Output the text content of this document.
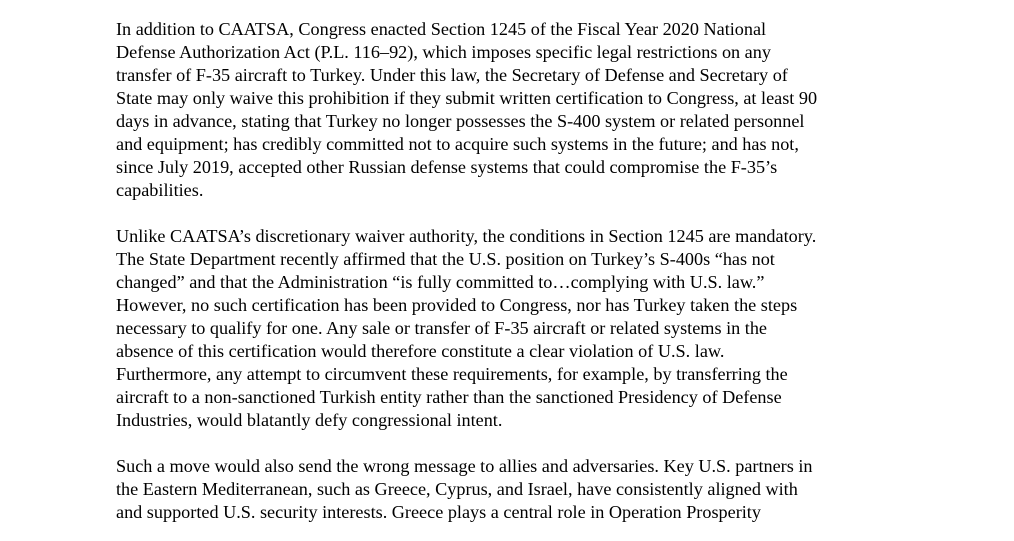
In addition to CAATSA, Congress enacted Section 1245 of the Fiscal Year 2020 National
Defense Authorization Act (P.L. 116–92), which imposes specific legal restrictions on any
transfer of F-35 aircraft to Turkey. Under this law, the Secretary of Defense and Secretary of
State may only waive this prohibition if they submit written certification to Congress, at least 90
days in advance, stating that Turkey no longer possesses the S-400 system or related personnel
and equipment; has credibly committed not to acquire such systems in the future; and has not,
since July 2019, accepted other Russian defense systems that could compromise the F-35’s
capabilities.

Unlike CAATSA’s discretionary waiver authority, the conditions in Section 1245 are mandatory.
The State Department recently affirmed that the U.S. position on Turkey’s S-400s “has not
changed” and that the Administration “is fully committed to…complying with U.S. law.”
However, no such certification has been provided to Congress, nor has Turkey taken the steps
necessary to qualify for one. Any sale or transfer of F-35 aircraft or related systems in the
absence of this certification would therefore constitute a clear violation of U.S. law.
Furthermore, any attempt to circumvent these requirements, for example, by transferring the
aircraft to a non-sanctioned Turkish entity rather than the sanctioned Presidency of Defense
Industries, would blatantly defy congressional intent.

Such a move would also send the wrong message to allies and adversaries. Key U.S. partners in
the Eastern Mediterranean, such as Greece, Cyprus, and Israel, have consistently aligned with
and supported U.S. security interests. Greece plays a central role in Operation Prosperity
